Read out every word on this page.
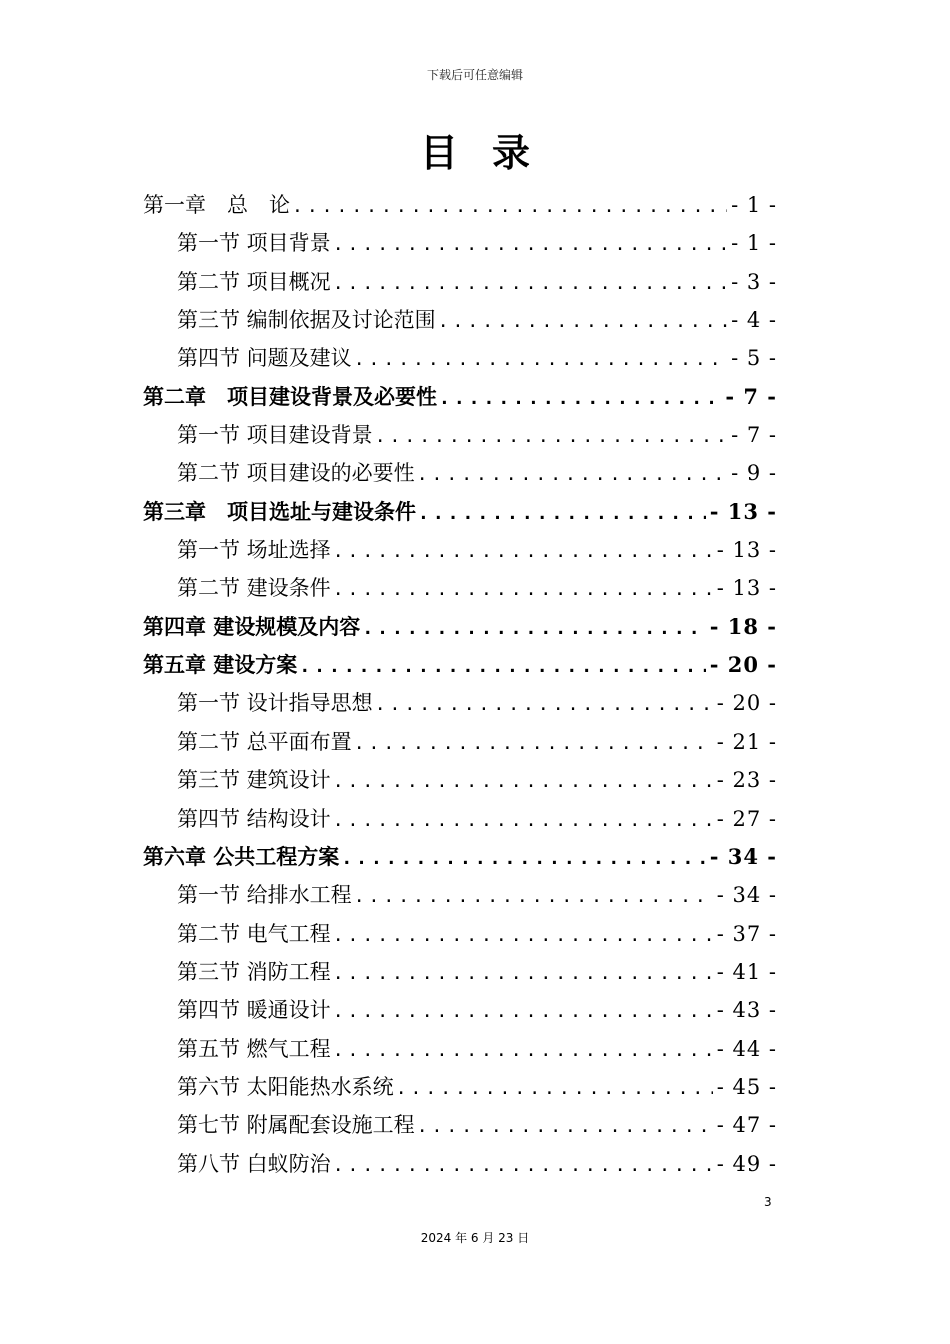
下载后可任意编辑
目录
第一章　总　论 .....	- 1 -
第一节 项目背景 .....	- 1 -
第二节 项目概况 .....	- 3 -
第三节 编制依据及讨论范围 .....	- 4 -
第四节 问题及建议 .....	- 5 -
第二章　项目建设背景及必要性 .....	- 7 -
第一节 项目建设背景 .....	- 7 -
第二节 项目建设的必要性 .....	- 9 -
第三章　项目选址与建设条件 .....	- 13 -
第一节 场址选择 .....	- 13 -
第二节 建设条件 .....	- 13 -
第四章 建设规模及内容 .....	- 18 -
第五章 建设方案 .....	- 20 -
第一节 设计指导思想 .....	- 20 -
第二节 总平面布置 .....	- 21 -
第三节 建筑设计 .....	- 23 -
第四节 结构设计 .....	- 27 -
第六章 公共工程方案 .....	- 34 -
第一节 给排水工程 .....	- 34 -
第二节 电气工程 .....	- 37 -
第三节 消防工程 .....	- 41 -
第四节 暖通设计 .....	- 43 -
第五节 燃气工程 .....	- 44 -
第六节 太阳能热水系统 .....	- 45 -
第七节 附属配套设施工程 .....	- 47 -
第八节 白蚁防治 .....	- 49 -
3
2024 年 6 月 23 日
